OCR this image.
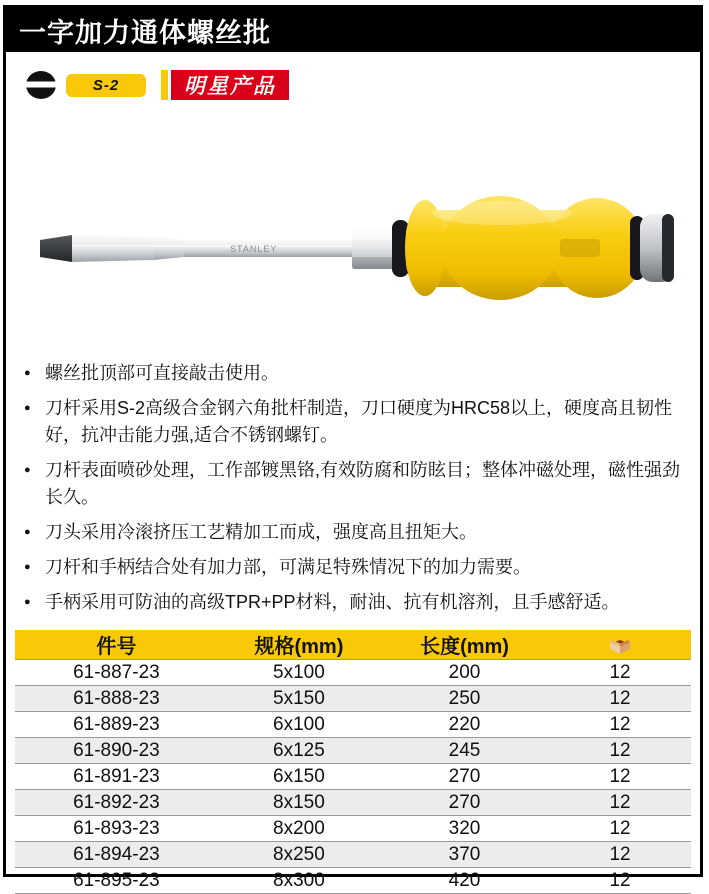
一字加力通体螺丝批
S-2	明星产品
STANLEY
● 螺丝批顶部可直接敲击使用。
● 刀杆采用S-2高级合金钢六角批杆制造，刀口硬度为HRC58以上，硬度高且韧性好，抗冲击能力强,适合不锈钢螺钉。
● 刀杆表面喷砂处理，工作部镀黑铬,有效防腐和防眩目；整体冲磁处理，磁性强劲长久。
● 刀头采用冷滚挤压工艺精加工而成，强度高且扭矩大。
● 刀杆和手柄结合处有加力部，可满足特殊情况下的加力需要。
● 手柄采用可防油的高级TPR+PP材料，耐油、抗有机溶剂，且手感舒适。
件号	规格(mm)	长度(mm)	
61-887-23	5x100	200	12
61-888-23	5x150	250	12
61-889-23	6x100	220	12
61-890-23	6x125	245	12
61-891-23	6x150	270	12
61-892-23	8x150	270	12
61-893-23	8x200	320	12
61-894-23	8x250	370	12
61-895-23	8x300	420	12
